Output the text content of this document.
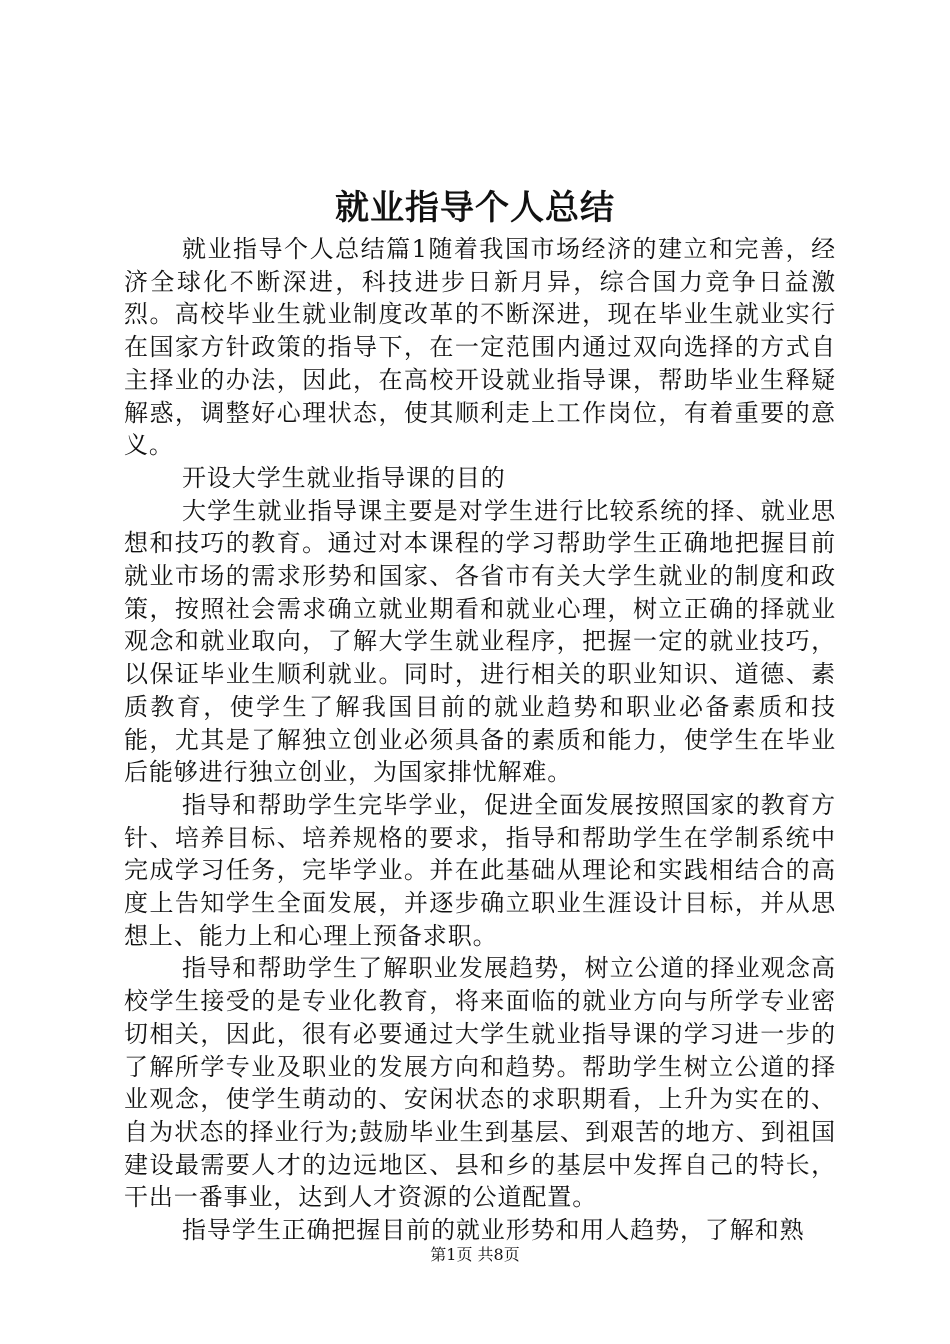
就业指导个人总结

就业指导个人总结篇1随着我国市场经济的建立和完善，经济全球化不断深进，科技进步日新月异，综合国力竞争日益激烈。高校毕业生就业制度改革的不断深进，现在毕业生就业实行在国家方针政策的指导下，在一定范围内通过双向选择的方式自主择业的办法，因此，在高校开设就业指导课，帮助毕业生释疑解惑，调整好心理状态，使其顺利走上工作岗位，有着重要的意义。

开设大学生就业指导课的目的

大学生就业指导课主要是对学生进行比较系统的择、就业思想和技巧的教育。通过对本课程的学习帮助学生正确地把握目前就业市场的需求形势和国家、各省市有关大学生就业的制度和政策，按照社会需求确立就业期看和就业心理，树立正确的择就业观念和就业取向，了解大学生就业程序，把握一定的就业技巧，以保证毕业生顺利就业。同时，进行相关的职业知识、道德、素质教育，使学生了解我国目前的就业趋势和职业必备素质和技能，尤其是了解独立创业必须具备的素质和能力，使学生在毕业后能够进行独立创业，为国家排忧解难。

指导和帮助学生完毕学业，促进全面发展按照国家的教育方针、培养目标、培养规格的要求，指导和帮助学生在学制系统中完成学习任务，完毕学业。并在此基础从理论和实践相结合的高度上告知学生全面发展，并逐步确立职业生涯设计目标，并从思想上、能力上和心理上预备求职。

指导和帮助学生了解职业发展趋势，树立公道的择业观念高校学生接受的是专业化教育，将来面临的就业方向与所学专业密切相关，因此，很有必要通过大学生就业指导课的学习进一步的了解所学专业及职业的发展方向和趋势。帮助学生树立公道的择业观念，使学生萌动的、安闲状态的求职期看，上升为实在的、自为状态的择业行为;鼓励毕业生到基层、到艰苦的地方、到祖国建设最需要人才的边远地区、县和乡的基层中发挥自己的特长，干出一番事业，达到人才资源的公道配置。

指导学生正确把握目前的就业形势和用人趋势，了解和熟

第1页 共8页
